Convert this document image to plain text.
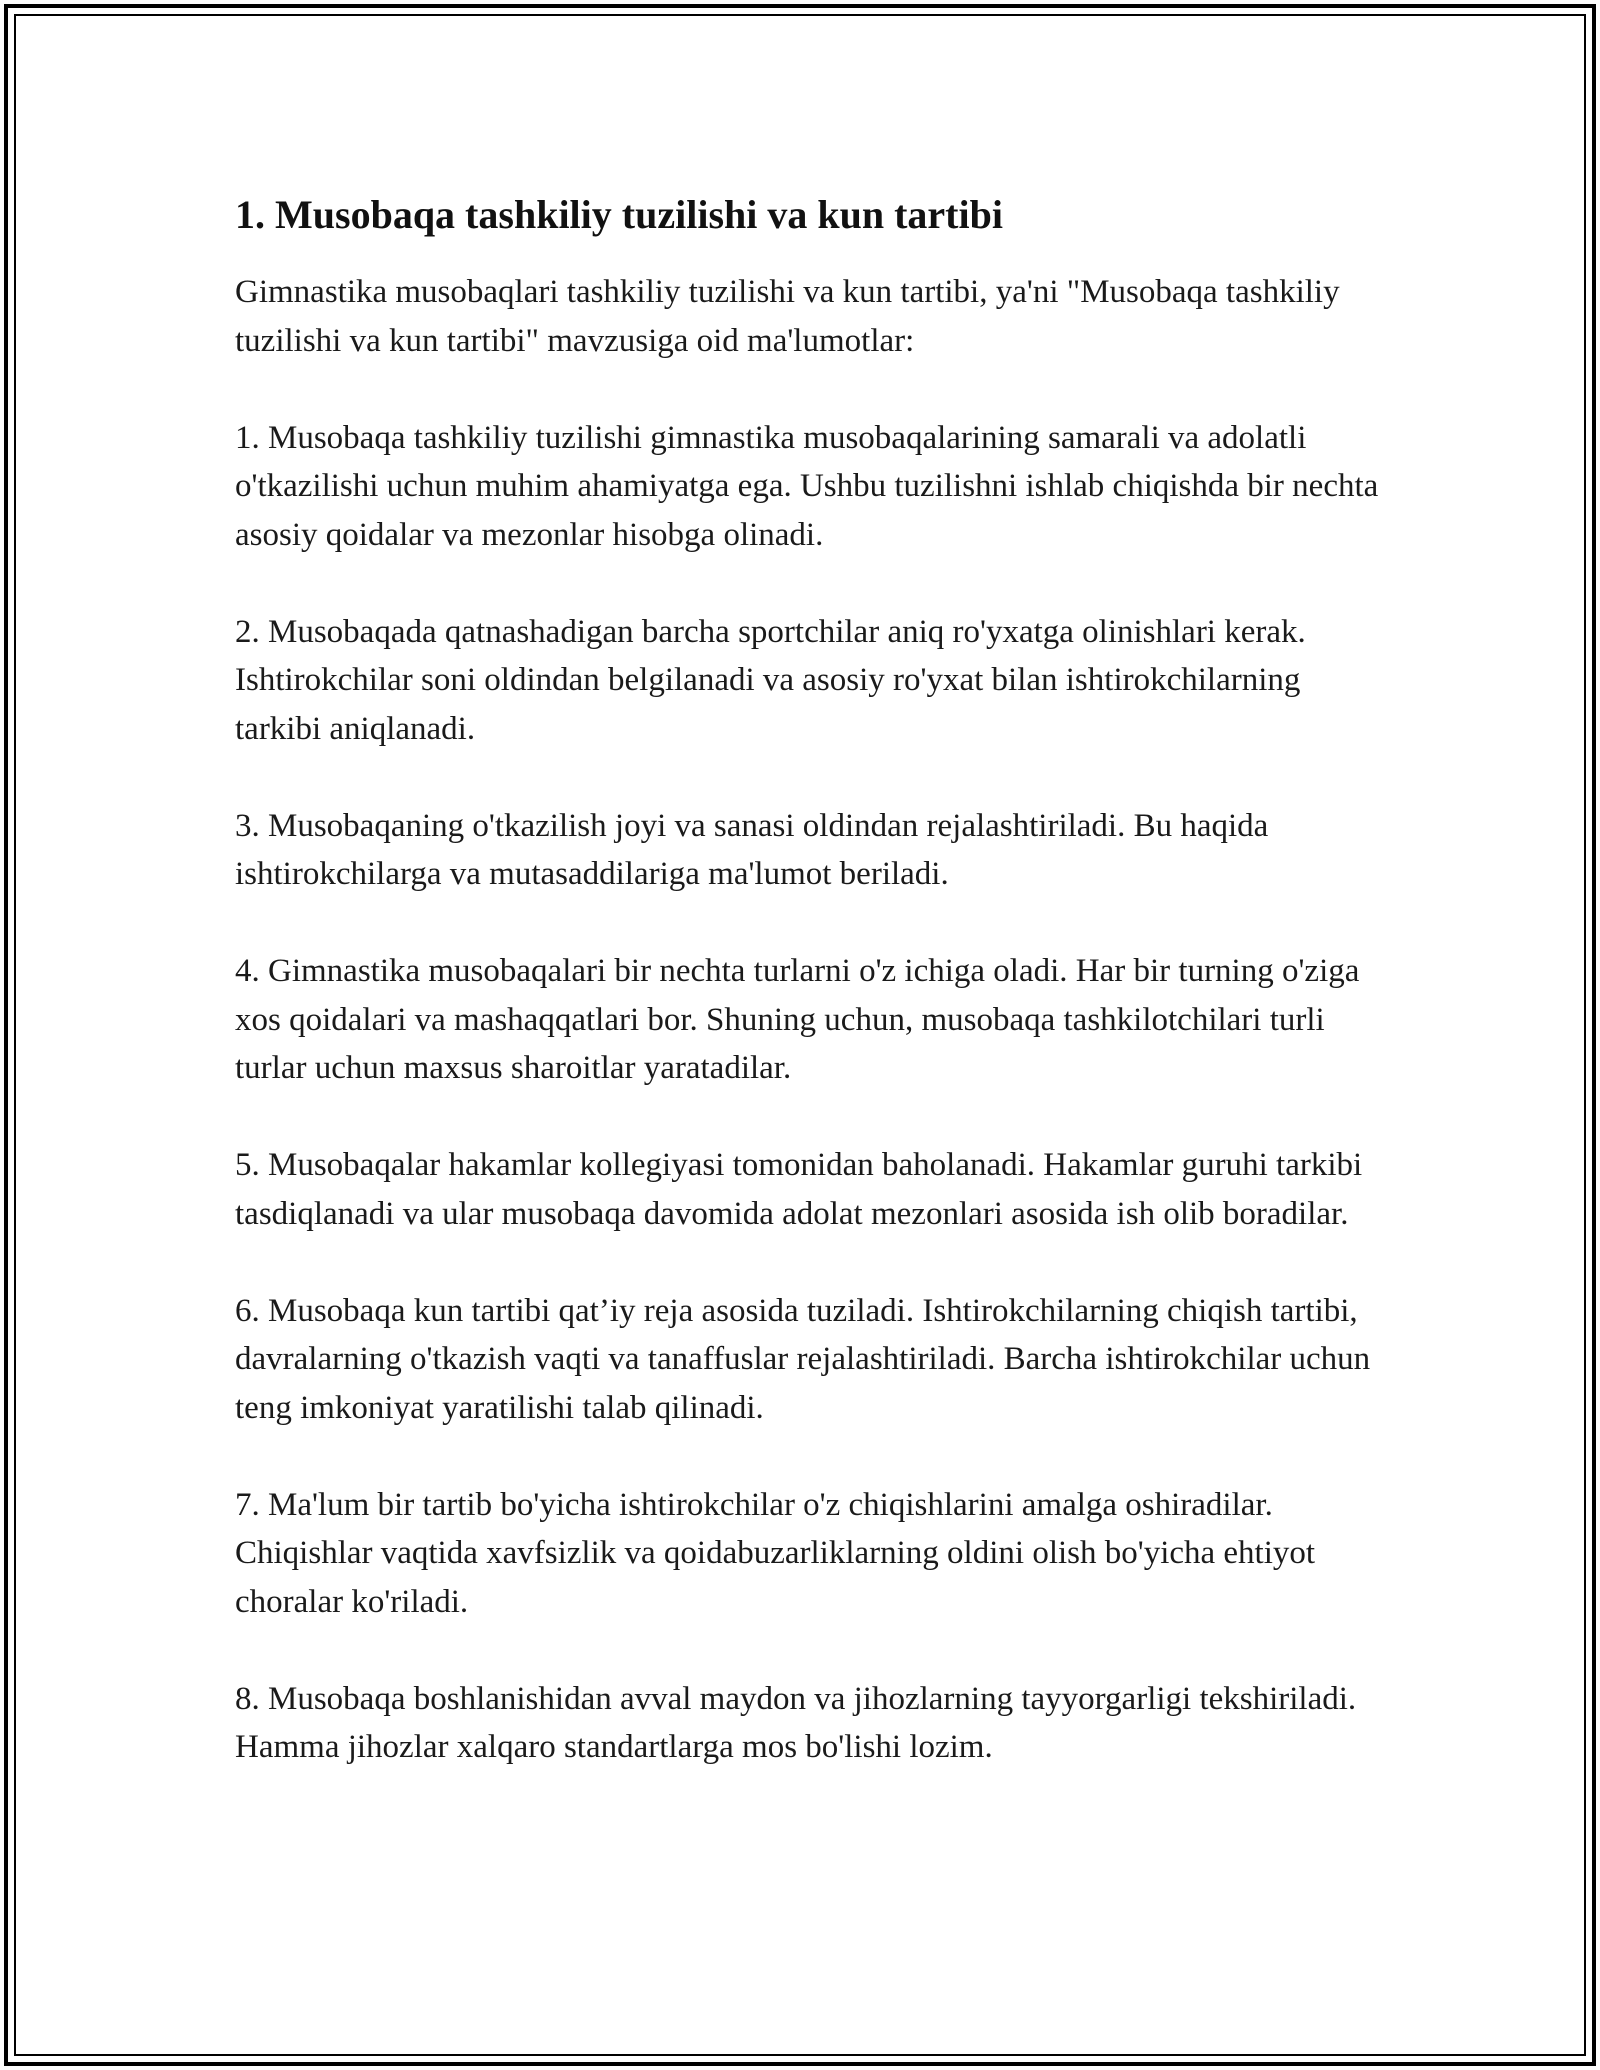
1. Musobaqa tashkiliy tuzilishi va kun tartibi

Gimnastika musobaqlari tashkiliy tuzilishi va kun tartibi, ya'ni "Musobaqa tashkiliy tuzilishi va kun tartibi" mavzusiga oid ma'lumotlar:

1. Musobaqa tashkiliy tuzilishi gimnastika musobaqalarining samarali va adolatli o'tkazilishi uchun muhim ahamiyatga ega. Ushbu tuzilishni ishlab chiqishda bir nechta asosiy qoidalar va mezonlar hisobga olinadi.

2. Musobaqada qatnashadigan barcha sportchilar aniq ro'yxatga olinishlari kerak. Ishtirokchilar soni oldindan belgilanadi va asosiy ro'yxat bilan ishtirokchilarning tarkibi aniqlanadi.

3. Musobaqaning o'tkazilish joyi va sanasi oldindan rejalashtiriladi. Bu haqida ishtirokchilarga va mutasaddilariga ma'lumot beriladi.

4. Gimnastika musobaqalari bir nechta turlarni o'z ichiga oladi. Har bir turning o'ziga xos qoidalari va mashaqqatlari bor. Shuning uchun, musobaqa tashkilotchilari turli turlar uchun maxsus sharoitlar yaratadilar.

5. Musobaqalar hakamlar kollegiyasi tomonidan baholanadi. Hakamlar guruhi tarkibi tasdiqlanadi va ular musobaqa davomida adolat mezonlari asosida ish olib boradilar.

6. Musobaqa kun tartibi qat’iy reja asosida tuziladi. Ishtirokchilarning chiqish tartibi, davralarning o'tkazish vaqti va tanaffuslar rejalashtiriladi. Barcha ishtirokchilar uchun teng imkoniyat yaratilishi talab qilinadi.

7. Ma'lum bir tartib bo'yicha ishtirokchilar o'z chiqishlarini amalga oshiradilar. Chiqishlar vaqtida xavfsizlik va qoidabuzarliklarning oldini olish bo'yicha ehtiyot choralar ko'riladi.

8. Musobaqa boshlanishidan avval maydon va jihozlarning tayyorgarligi tekshiriladi. Hamma jihozlar xalqaro standartlarga mos bo'lishi lozim.
